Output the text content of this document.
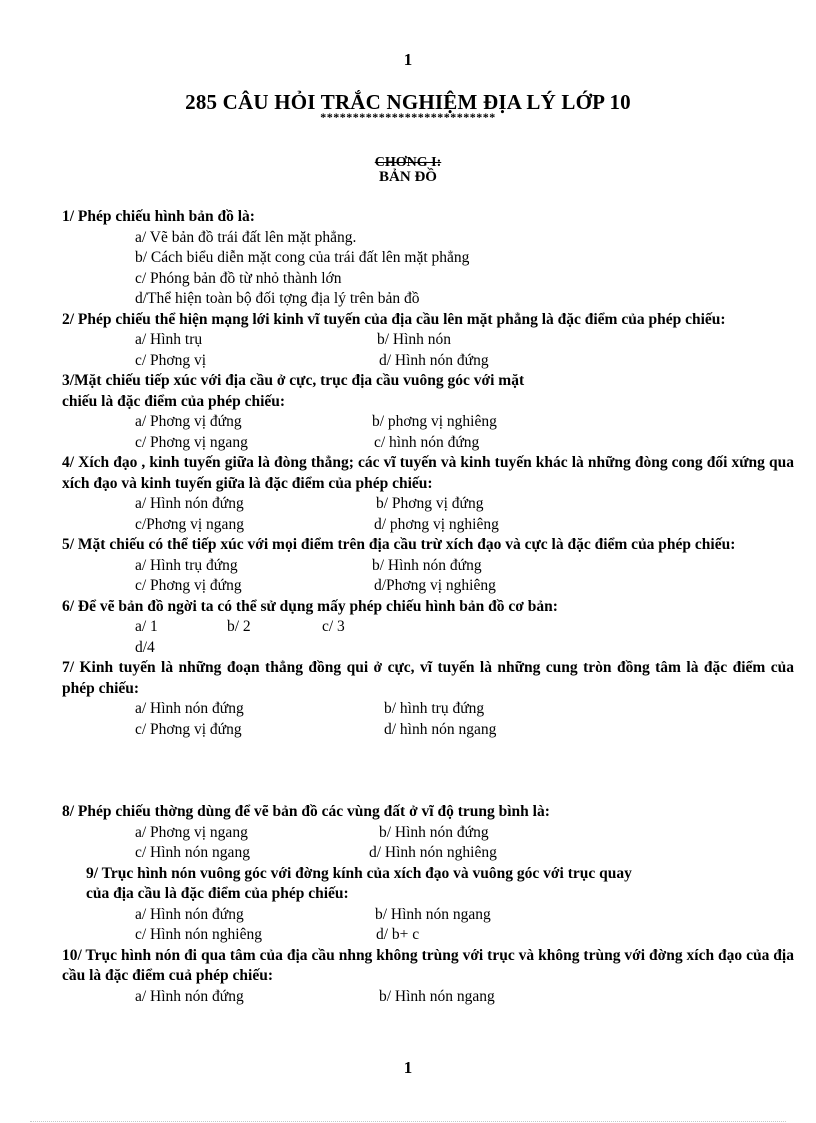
1
285 CÂU HỎI TRẮC NGHIỆM ĐỊA LÝ LỚP 10
***************************
CHƠNG I:
BẢN ĐỒ
1/ Phép chiếu hình bản đồ là:
a/ Vẽ bản đồ trái đất lên mặt phẳng.
b/ Cách biểu diễn mặt cong của trái đất lên mặt phẳng
c/ Phóng bản đồ từ nhỏ thành lớn
d/Thể hiện toàn bộ đối tợng địa lý trên bản đồ
2/ Phép chiếu thể hiện mạng lới kinh vĩ tuyến của địa cầu lên mặt phẳng là đặc điểm của phép chiếu:
a/ Hình trụ	b/ Hình nón
c/ Phơng vị	d/ Hình nón đứng
3/Mặt chiếu tiếp xúc với địa cầu ở cực, trục địa cầu vuông góc với mặt
chiếu là đặc điểm của phép chiếu:
a/ Phơng vị đứng	b/ phơng vị nghiêng
c/ Phơng vị ngang	c/ hình nón đứng
4/ Xích đạo , kinh tuyến giữa là đòng thẳng; các vĩ tuyến và kinh tuyến khác là những đòng cong đối xứng qua xích đạo và kinh tuyến giữa là đặc điểm của phép chiếu:
a/ Hình nón đứng	b/ Phơng vị đứng
c/Phơng vị ngang	d/ phơng vị nghiêng
5/ Mặt chiếu có thể tiếp xúc với mọi điểm trên địa cầu trừ xích đạo và cực là đặc điểm của phép chiếu:
a/ Hình trụ đứng	b/ Hình nón đứng
c/ Phơng vị đứng	d/Phơng vị nghiêng
6/ Để vẽ bản đồ ngời ta có thể sử dụng mấy phép chiếu hình bản đồ cơ bản:
a/ 1	b/ 2	c/ 3
d/4
7/ Kinh tuyến là những đoạn thẳng đồng qui ở cực, vĩ tuyến là những cung tròn đồng tâm là đặc điểm của phép chiếu:
a/ Hình nón đứng	b/ hình trụ đứng
c/ Phơng vị đứng	d/ hình nón ngang
8/ Phép chiếu thờng dùng để vẽ bản đồ các vùng đất ở vĩ độ trung bình là:
a/ Phơng vị ngang	b/ Hình nón đứng
c/ Hình nón ngang	d/ Hình nón nghiêng
9/ Trục hình nón vuông góc với đờng kính của xích đạo và vuông góc với trục quay
của địa cầu là đặc điểm của phép chiếu:
a/ Hình nón đứng	b/ Hình nón ngang
c/ Hình nón nghiêng	d/ b+ c
10/ Trục hình nón đi qua tâm của địa cầu nhng không trùng với trục và không trùng với đờng xích đạo của địa cầu là đặc điểm cuả phép chiếu:
a/ Hình nón đứng	b/ Hình nón ngang
1
